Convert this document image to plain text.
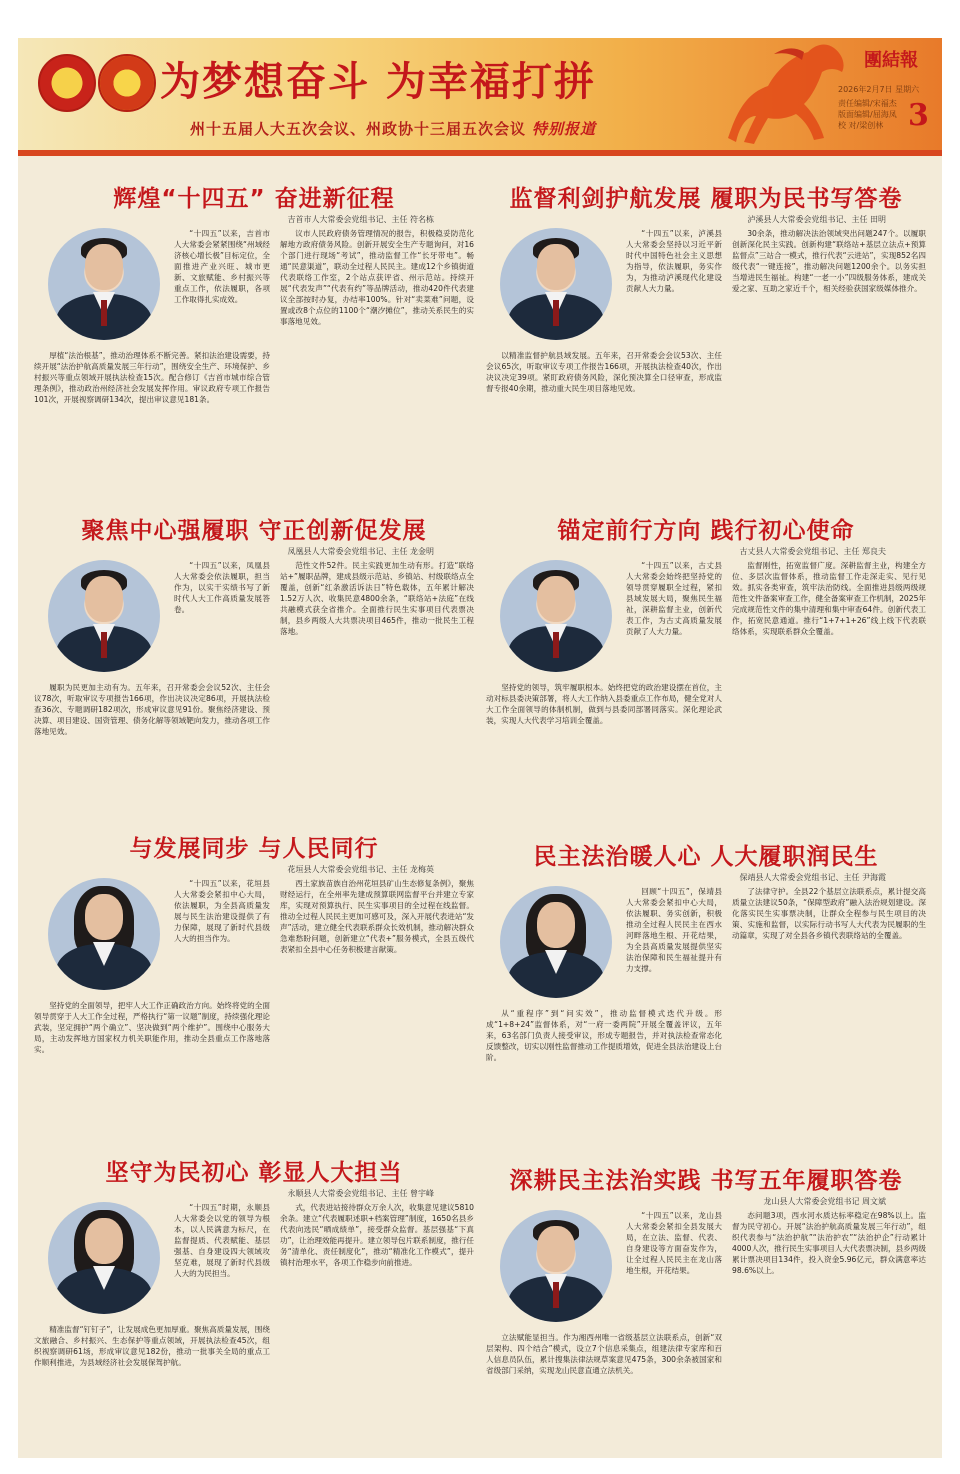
为梦想奋斗 为幸福打拼
州十五届人大五次会议、州政协十三届五次会议 特别报道
團結報
2026年2月7日 星期六
责任编辑/宋福杰
版面编辑/屈海凤
校 对/梁创林 3
辉煌“十四五” 奋进新征程
吉首市人大常委会党组书记、主任 符名栋

“十四五”以来，吉首市人大常委会紧紧围绕“州域经济核心增长极”目标定位，全面推进产业兴旺、城市更新、文旅赋能、乡村振兴等重点工作，依法履职，各项工作取得扎实成效。

厚植“法治根基”，推动治理体系不断完善。紧扣法治建设需要，持续开展“法治护航高质量发展三年行动”，围绕安全生产、环境保护、乡村振兴等重点领域开展执法检查15次。配合修订《吉首市城市综合管理条例》，推动政治州经济社会发展发挥作用。审议政府专项工作报告101次，开展视察调研134次，提出审议意见181条。

议市人民政府债务管理情况的报告，积极稳妥防范化解地方政府债务风险。创新开展安全生产专题询问，对16个部门进行现场“考试”，推动监督工作“长牙带电”。畅通“民意渠道”，联动全过程人民民主。建成12个乡镇街道代表联络工作室，2个站点获评省、州示范站。持续开展“代表发声”“代表有约”等品牌活动，推动420件代表建议全部按时办复，办结率100%。针对“卖菜难”问题，设置或改8个点位的1100个“潮汐摊位”，推动关系民生的实事落地见效。

监督利剑护航发展 履职为民书写答卷
泸溪县人大常委会党组书记、主任 田明

“十四五”以来，泸溪县人大常委会坚持以习近平新时代中国特色社会主义思想为指导，依法履职，务实作为，为推动泸溪现代化建设贡献人大力量。

以精准监督护航县域发展。五年来，召开常委会会议53次、主任会议65次，听取审议专项工作报告166项，开展执法检查40次，作出决议决定39项。紧盯政府债务风险，深化预决算全口径审查，形成监督专报40余期，推动重大民生项目落地见效。

30余条，推动解决法治领域突出问题247个。以履职创新深化民主实践。创新构建“联络站+基层立法点+预算监督点”三站合一模式，推行代表“云进站”，实现852名四级代表“一键连接”，推动解决问题1200余个。以务实担当增进民生福祉。构建“一老一小”四级服务体系，建成关爱之家、互助之家近千个，相关经验获国家级媒体推介。

聚焦中心强履职 守正创新促发展
凤凰县人大常委会党组书记、主任 龙金明

“十四五”以来，凤凰县人大常委会依法履职，担当作为，以实干实绩书写了新时代人大工作高质量发展答卷。

履职为民更加主动有为。五年来，召开常委会会议52次、主任会议78次，听取审议专项报告166项，作出决议决定86项，开展执法检查36次、专题调研182项次，形成审议意见91份。聚焦经济建设、预决算、项目建设、国资管理、债务化解等领域靶向发力，推动各项工作落地见效。

范性文件52件。民主实践更加生动有形。打造“联络站+”履职品牌，建成县级示范站、乡镇站、村级联络点全覆盖，创新“红条激活诉法日”特色载体，五年累计解决1.52万人次、收集民意4800余条，“联络站+法庭”在线共融模式获全省推介。全面推行民生实事项目代表票决制，县乡两级人大共票决项目465件，推动一批民生工程落地。

锚定前行方向 践行初心使命
古丈县人大常委会党组书记、主任 郑良夫

“十四五”以来，古丈县人大常委会始终把坚持党的领导贯穿履职全过程，紧扣县域发展大局，聚焦民生福祉，深耕监督主业，创新代表工作，为古丈高质量发展贡献了人大力量。

坚持党的领导，筑牢履职根本。始终把党的政治建设摆在首位，主动对标县委决策部署，将人大工作纳入县委重点工作布局，健全党对人大工作全面领导的体制机制，做到与县委同部署同落实。深化理论武装，实现人大代表学习培训全覆盖。

监督刚性，拓宽监督广度。深耕监督主业，构建全方位、多层次监督体系，推动监督工作走深走实、见行见效。抓实各类审查，筑牢法治防线。全面推进县级两级规范性文件备案审查工作，健全备案审查工作机制，2025年完成规范性文件的集中清理和集中审查64件。创新代表工作，拓宽民意通道。推行“1+7+1+26”线上线下代表联络体系，实现联系群众全覆盖。

与发展同步 与人民同行
花垣县人大常委会党组书记、主任 龙梅英

“十四五”以来，花垣县人大常委会紧扣中心大局，依法履职，为全县高质量发展与民生法治建设提供了有力保障，展现了新时代县级人大的担当作为。

坚持党的全面领导，把牢人大工作正确政治方向。始终将党的全面领导贯穿于人大工作全过程，严格执行“第一议题”制度，持续强化理论武装，坚定拥护“两个确立”、坚决做到“两个维护”。围绕中心服务大局，主动发挥地方国家权力机关职能作用，推动全县重点工作落地落实。

西土家族苗族自治州花垣县矿山生态修复条例》，聚焦财经运行，在全州率先建成预算联网监督平台并建立专家库，实现对预算执行、民生实事项目的全过程在线监督。推动全过程人民民主更加可感可及，深入开展代表进站“发声”活动，建立健全代表联系群众长效机制，推动解决群众急难愁盼问题，创新建立“代表+”服务模式，全县五级代表紧扣全县中心任务积极建言献策。

民主法治暖人心 人大履职润民生
保靖县人大常委会党组书记、主任 尹海霞

回顾“十四五”，保靖县人大常委会紧扣中心大局，依法履职、务实创新，积极推动全过程人民民主在西水河畔落地生根、开花结果，为全县高质量发展提供坚实法治保障和民生福祉提升有力支撑。

从“重程序”到“问实效”，推动监督模式迭代升级。形成“1+8+24”监督体系，对“一府一委两院”开展全覆盖评议，五年来，63名部门负责人接受审议，形成专题报告，并对执法检查常态化反馈整改，切实以刚性监督推动工作提质增效，促进全县法治建设上台阶。

了法律守护。全县22个基层立法联系点，累计提交高质量立法建议50条，“保障型政府”融入法治规划建设。深化落实民生实事票决制，让群众全程参与民生项目的决策、实施和监督，以实际行动书写人大代表为民履职的生动篇章，实现了对全县各乡镇代表联络站的全覆盖。

坚守为民初心 彰显人大担当
永顺县人大常委会党组书记、主任 曾宇峰

“十四五”时期，永顺县人大常委会以党的领导为根本，以人民满意为标尺，在监督提质、代表赋能、基层强基、自身建设四大领域攻坚克难，展现了新时代县级人大的为民担当。

精准监督“钉钉子”，让发展成色更加厚重。聚焦高质量发展，围绕文旅融合、乡村振兴、生态保护等重点领域，开展执法检查45次，组织视察调研61场，形成审议意见182份，推动一批事关全局的重点工作顺利推进，为县域经济社会发展保驾护航。

式，代表进站接待群众万余人次，收集意见建议5810余条。建立“代表履职述职+档案管理”制度，1650名县乡代表向选民“晒成绩单”，接受群众监督。基层强基“下真功”，让治理效能再提升。建立领导包片联系制度，推行任务“清单化、责任制度化”，推动“精准化工作模式”，提升镇村治理水平，各项工作稳步向前推进。

深耕民主法治实践 书写五年履职答卷
龙山县人大常委会党组书记 周文斌

“十四五”以来，龙山县人大常委会紧扣全县发展大局，在立法、监督、代表、自身建设等方面奋发作为，让全过程人民民主在龙山落地生根，开花结果。

立法赋能显担当。作为湘西州唯一省级基层立法联系点，创新“双层架构、四个结合”模式，设立7个信息采集点，组建法律专家库和百人信息员队伍，累计搜集法律法规草案意见475条，300余条被国家和省级部门采纳，实现龙山民意直通立法机关。

态问题3项，西水河水质达标率稳定在98%以上。监督为民守初心。开展“法治护航高质量发展三年行动”，组织代表参与“法治护航”“法治护农”“法治护企”行动累计4000人次，推行民生实事项目人大代表票决制，县乡两级累计票决项目134件，投入资金5.96亿元，群众满意率达98.6%以上。
